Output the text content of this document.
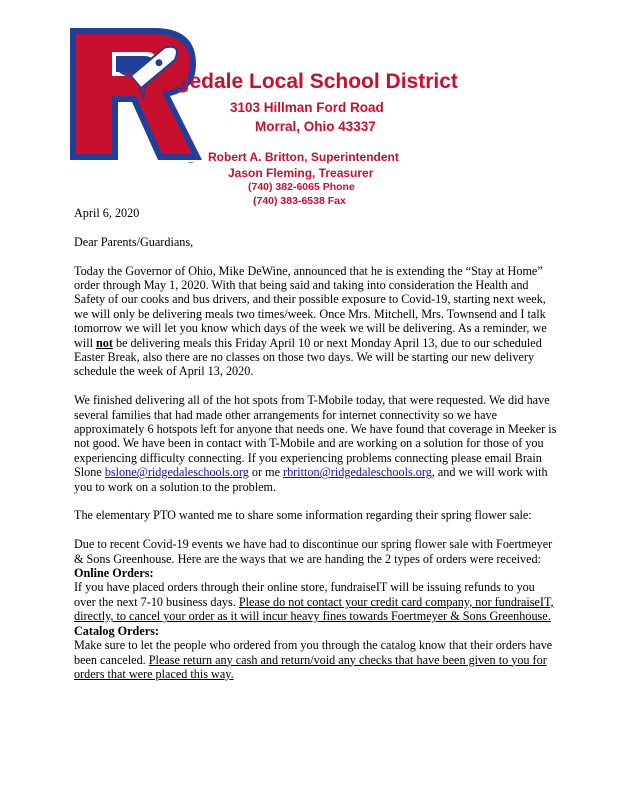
idgedale Local School District
3103 Hillman Ford Road
Morral, Ohio 43337
Robert A. Britton, Superintendent
Jason Fleming, Treasurer
(740) 382-6065 Phone
(740) 383-6538 Fax

April 6, 2020

Dear Parents/Guardians,

Today the Governor of Ohio, Mike DeWine, announced that he is extending the “Stay at Home” order through May 1, 2020. With that being said and taking into consideration the Health and Safety of our cooks and bus drivers, and their possible exposure to Covid-19, starting next week, we will only be delivering meals two times/week. Once Mrs. Mitchell, Mrs. Townsend and I talk tomorrow we will let you know which days of the week we will be delivering. As a reminder, we will not be delivering meals this Friday April 10 or next Monday April 13, due to our scheduled Easter Break, also there are no classes on those two days. We will be starting our new delivery schedule the week of April 13, 2020.

We finished delivering all of the hot spots from T-Mobile today, that were requested. We did have several families that had made other arrangements for internet connectivity so we have approximately 6 hotspots left for anyone that needs one. We have found that coverage in Meeker is not good. We have been in contact with T-Mobile and are working on a solution for those of you experiencing difficulty connecting. If you experiencing problems connecting please email Brain Slone bslone@ridgedaleschools.org or me rbritton@ridgedaleschools.org, and we will work with you to work on a solution to the problem.

The elementary PTO wanted me to share some information regarding their spring flower sale:

Due to recent Covid-19 events we have had to discontinue our spring flower sale with Foertmeyer & Sons Greenhouse. Here are the ways that we are handing the 2 types of orders were received:

Online Orders:

If you have placed orders through their online store, fundraiseIT will be issuing refunds to you over the next 7-10 business days. Please do not contact your credit card company, nor fundraiseIT, directly, to cancel your order as it will incur heavy fines towards Foertmeyer & Sons Greenhouse.

Catalog Orders:

Make sure to let the people who ordered from you through the catalog know that their orders have been canceled. Please return any cash and return/void any checks that have been given to you for orders that were placed this way.
